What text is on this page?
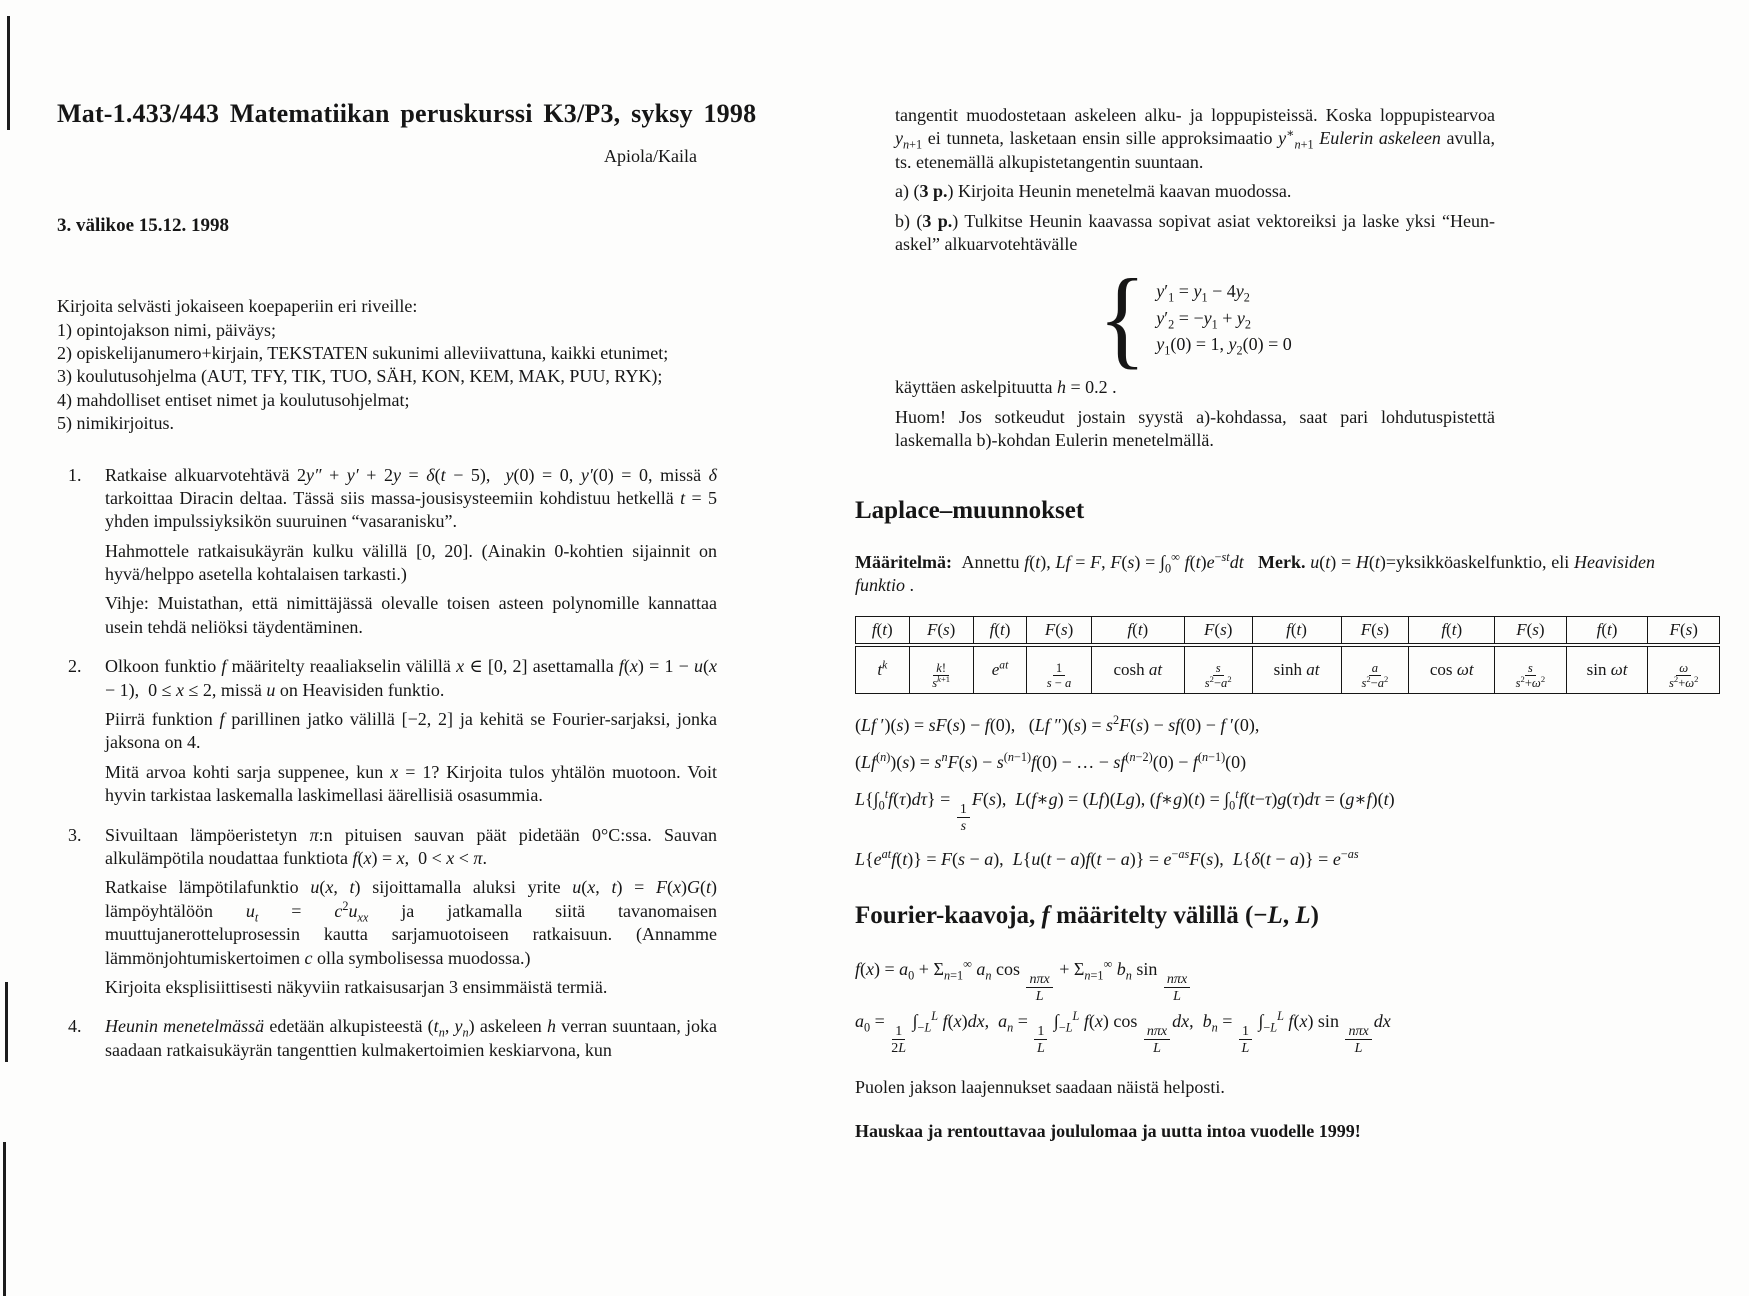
Mat-1.433/443 Matematiikan peruskurssi K3/P3, syksy 1998
Apiola/Kaila
3. välikoe 15.12. 1998

Kirjoita selvästi jokaiseen koepaperiin eri riveille:

1) opintojakson nimi, päiväys;

2) opiskelijanumero+kirjain, TEKSTATEN sukunimi alleviivattuna, kaikki etunimet;

3) koulutusohjelma (AUT, TFY, TIK, TUO, SÄH, KON, KEM, MAK, PUU, RYK);

4) mahdolliset entiset nimet ja koulutusohjelmat;

5) nimikirjoitus.

1.	Ratkaise alkuarvotehtävä 2y″ + y′ + 2y = δ(t − 5),  y(0) = 0, y′(0) = 0, missä δ tarkoittaa Diracin deltaa. Tässä siis massa-jousisysteemiin kohdistuu hetkellä t = 5 yhden impulssiyksikön suuruinen “vasaranisku”.

Hahmottele ratkaisukäyrän kulku välillä [0, 20]. (Ainakin 0-kohtien sijainnit on hyvä/helppo asetella kohtalaisen tarkasti.)

Vihje: Muistathan, että nimittäjässä olevalle toisen asteen polynomille kannattaa usein tehdä neliöksi täydentäminen.

2.	Olkoon funktio f määritelty reaaliakselin välillä x ∈ [0, 2] asettamalla f(x) = 1 − u(x − 1),  0 ≤ x ≤ 2, missä u on Heavisiden funktio.

Piirrä funktion f parillinen jatko välillä [−2, 2] ja kehitä se Fourier-sarjaksi, jonka jaksona on 4.

Mitä arvoa kohti sarja suppenee, kun x = 1? Kirjoita tulos yhtälön muotoon. Voit hyvin tarkistaa laskemalla laskimellasi äärellisiä osasummia.

3.	Sivuiltaan lämpöeristetyn π:n pituisen sauvan päät pidetään 0°C:ssa. Sauvan alkulämpötila noudattaa funktiota f(x) = x,  0 < x < π.

Ratkaise lämpötilafunktio u(x, t) sijoittamalla aluksi yrite u(x, t) = F(x)G(t) lämpöyhtälöön $u_t = c^2u_{xx}$ ja jatkamalla siitä tavanomaisen muuttujanerotteluprosessin kautta sarjamuotoiseen ratkaisuun. (Annamme lämmönjohtumiskertoimen c olla symbolisessa muodossa.)

Kirjoita eksplisiittisesti näkyviin ratkaisusarjan 3 ensimmäistä termiä.

4.	Heunin menetelmässä edetään alkupisteestä ($t_n$, $y_n$) askeleen h verran suuntaan, joka saadaan ratkaisukäyrän tangenttien kulmakertoimien keskiarvona, kun

tangentit muodostetaan askeleen alku- ja loppupisteissä. Koska loppupistearvoa $y_{n+1}$ ei tunneta, lasketaan ensin sille approksimaatio $y^∗_{n+1}$ Eulerin askeleen avulla, ts. etenemällä alkupistetangentin suuntaan.

a) (3 p.) Kirjoita Heunin menetelmä kaavan muodossa.

b) (3 p.) Tulkitse Heunin kaavassa sopivat asiat vektoreiksi ja laske yksi “Heun-askel” alkuarvotehtävälle

{ $y'_1 = y_1 - 4y_2$
$y'_2 = -y_1 + y_2$
$y_1(0) = 1$, $y_2(0) = 0$

käyttäen askelpituutta h = 0.2 .

Huom! Jos sotkeudut jostain syystä a)-kohdassa, saat pari lohdutuspistettä laskemalla b)-kohdan Eulerin menetelmällä.

Laplace–muunnokset

Määritelmä:  Annettu f(t), Lf = F, $F(s) = \int_0^\infty$ $f(t)e^{-st}dt$ Merk. u(t) = H(t)=yksikköaskelfunktio, eli Heavisiden funktio .

f(t)	F(s)	f(t)	F(s)	f(t)	F(s)	f(t)	F(s)	f(t)	F(s)	f(t)	F(s)
$t^k$	$\frac{k!}{s^{k+1}}$	$e^{at}$	$\frac{1}{s - a}$	cosh at	$\frac{s}{s^2-a^2}$	sinh at	$\frac{a}{s^2-a^2}$	cos ωt	$\frac{s}{s^2+\omega^2}$	sin ωt	$\frac{\omega}{s^2+\omega^2}$

(Lf ′)(s) = sF(s) − f(0),   (Lf $'')(s) = s^2F(s) - sf(0) - f$ ′(0),

$(Lf^{(n)})(s) = s^nF(s) - s^{(n-1)}f(0)$ − … − $sf^{(n-2)}(0) - f^{(n-1)}(0)$

$L\{\int_0^tf(\tau)d\tau\}$ =
$\frac{1}{s}$
F(s),  L(f∗g) = (Lf)(Lg), (f∗g)(t) = $\int_0^tf(t-\tau)g(\tau)d\tau$ = (g∗f)(t)

$L\{e^{at}f(t)\} = F(s - a)$,  $L\{u(t - a)f(t - a)\} = e^{-as}F(s)$,  $L\{\delta(t - a)\} = e^{-as}$

Fourier-kaavoja, f määritelty välillä (−L, L)

$f(x) = a_0 + \Sigma_{n=1}^\infty$ $a_n$ cos
$\frac{\text{nπx}}{L}$
+ $\Sigma_{n=1}^\infty$ $b_n$ sin
$\frac{\text{nπx}}{L}$

$a_0$ =
$\frac{1}{2L}$
$\int_{-L}^L$ f(x)dx,  $a_n$ =
$\frac{1}{L}$
$\int_{-L}^L$ f(x) cos
$\frac{\text{nπx}}{L}$
dx,  $b_n$ =
$\frac{1}{L}$
$\int_{-L}^L$ f(x) sin
$\frac{\text{nπx}}{L}$
dx

Puolen jakson laajennukset saadaan näistä helposti.

Hauskaa ja rentouttavaa joululomaa ja uutta intoa vuodelle 1999!
